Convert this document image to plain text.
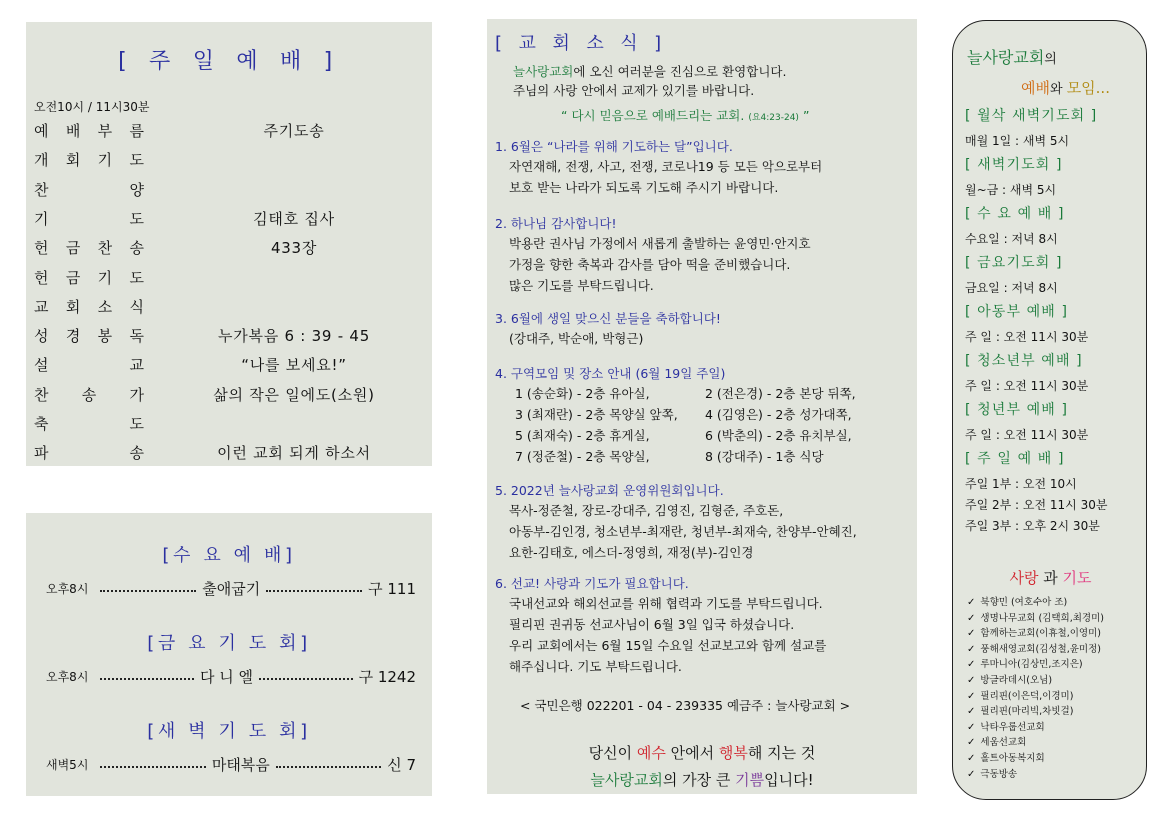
[ 주 일 예 배 ]
오전10시 / 11시30분
예 배 부 름	주기도송
개 회 기 도
찬	양
기	도	김태호 집사
헌 금 찬 송	433장
헌 금 기 도
교 회 소 식
성 경 봉 독	누가복음 6 : 39 - 45
설	교	“나를 보세요!”
찬 송 가	삶의 작은 일에도(소원)
축	도
파	송	이런 교회 되게 하소서
[수 요 예 배]
오후8시	출애굽기	구 111
[금 요 기 도 회]
오후8시	다 니 엘	구 1242
[새 벽 기 도 회]
새벽5시	마태복음	신 7
[ 교 회 소 식 ]
늘사랑교회에 오신 여러분을 진심으로 환영합니다.
주님의 사랑 안에서 교제가 있기를 바랍니다.
“ 다시 믿음으로 예배드리는 교회. (요4:23-24) ”
1. 6월은 “나라를 위해 기도하는 달”입니다.
자연재해, 전쟁, 사고, 전쟁, 코로나19 등 모든 악으로부터
보호 받는 나라가 되도록 기도해 주시기 바랍니다.
2. 하나님 감사합니다!
박용란 권사님 가정에서 새롭게 출발하는 윤영민·안지호
가정을 향한 축복과 감사를 담아 떡을 준비했습니다.
많은 기도를 부탁드립니다.
3. 6월에 생일 맞으신 분들을 축하합니다!
(강대주, 박순애, 박형근)
4. 구역모임 및 장소 안내 (6월 19일 주일)
1 (송순화) - 2층 유아실,	2 (전은경) - 2층 본당 뒤쪽,
3 (최재란) - 2층 목양실 앞쪽, 4 (김영은) - 2층 성가대쪽,
5 (최재숙) - 2층 휴게실,	6 (박춘의) - 2층 유치부실,
7 (정준철) - 2층 목양실,	8 (강대주) - 1층 식당
5. 2022년 늘사랑교회 운영위원회입니다.
목사-정준철, 장로-강대주, 김영진, 김형준, 주호돈,
아동부-김인경, 청소년부-최재란, 청년부-최재숙, 찬양부-안혜진,
요한-김태호, 에스더-정영희, 재정(부)-김인경
6. 선교! 사랑과 기도가 필요합니다.
국내선교와 해외선교를 위해 협력과 기도를 부탁드립니다.
필리핀 권귀동 선교사님이 6월 3일 입국 하셨습니다.
우리 교회에서는 6월 15일 수요일 선교보고와 함께 설교를
해주십니다. 기도 부탁드립니다.
< 국민은행 022201 - 04 - 239335 예금주 : 늘사랑교회 >
당신이 예수 안에서 행복해 지는 것
늘사랑교회의 가장 큰 기쁨입니다!
늘사랑교회의
예배와 모임...
[ 월삭 새벽기도회 ]
매월 1일 : 새벽 5시
[ 새벽기도회 ]
월~금 : 새벽 5시
[ 수 요 예 배 ]
수요일 : 저녁 8시
[ 금요기도회 ]
금요일 : 저녁 8시
[ 아동부 예배 ]
주 일 : 오전 11시 30분
[ 청소년부 예배 ]
주 일 : 오전 11시 30분
[ 청년부 예배 ]
주 일 : 오전 11시 30분
[ 주 일 예 배 ]
주일 1부 : 오전 10시
주일 2부 : 오전 11시 30분
주일 3부 : 오후 2시 30분
사랑 과 기도
✓ 북향민 (여호수아 조)
✓ 생명나무교회 (김택희,최경미)
✓ 함께하는교회(이휴철,이영미)
✓ 풍해새영교회(김성철,윤미정)
✓ 루마니아(김상민,조지은)
✓ 방글라데시(오님)
✓ 필리핀(이은덕,이경미)
✓ 필리핀(마리빅,차빗걸)
✓ 낙타우룹선교회
✓ 세움선교회
✓ 홀트아동복지회
✓ 극동방송
